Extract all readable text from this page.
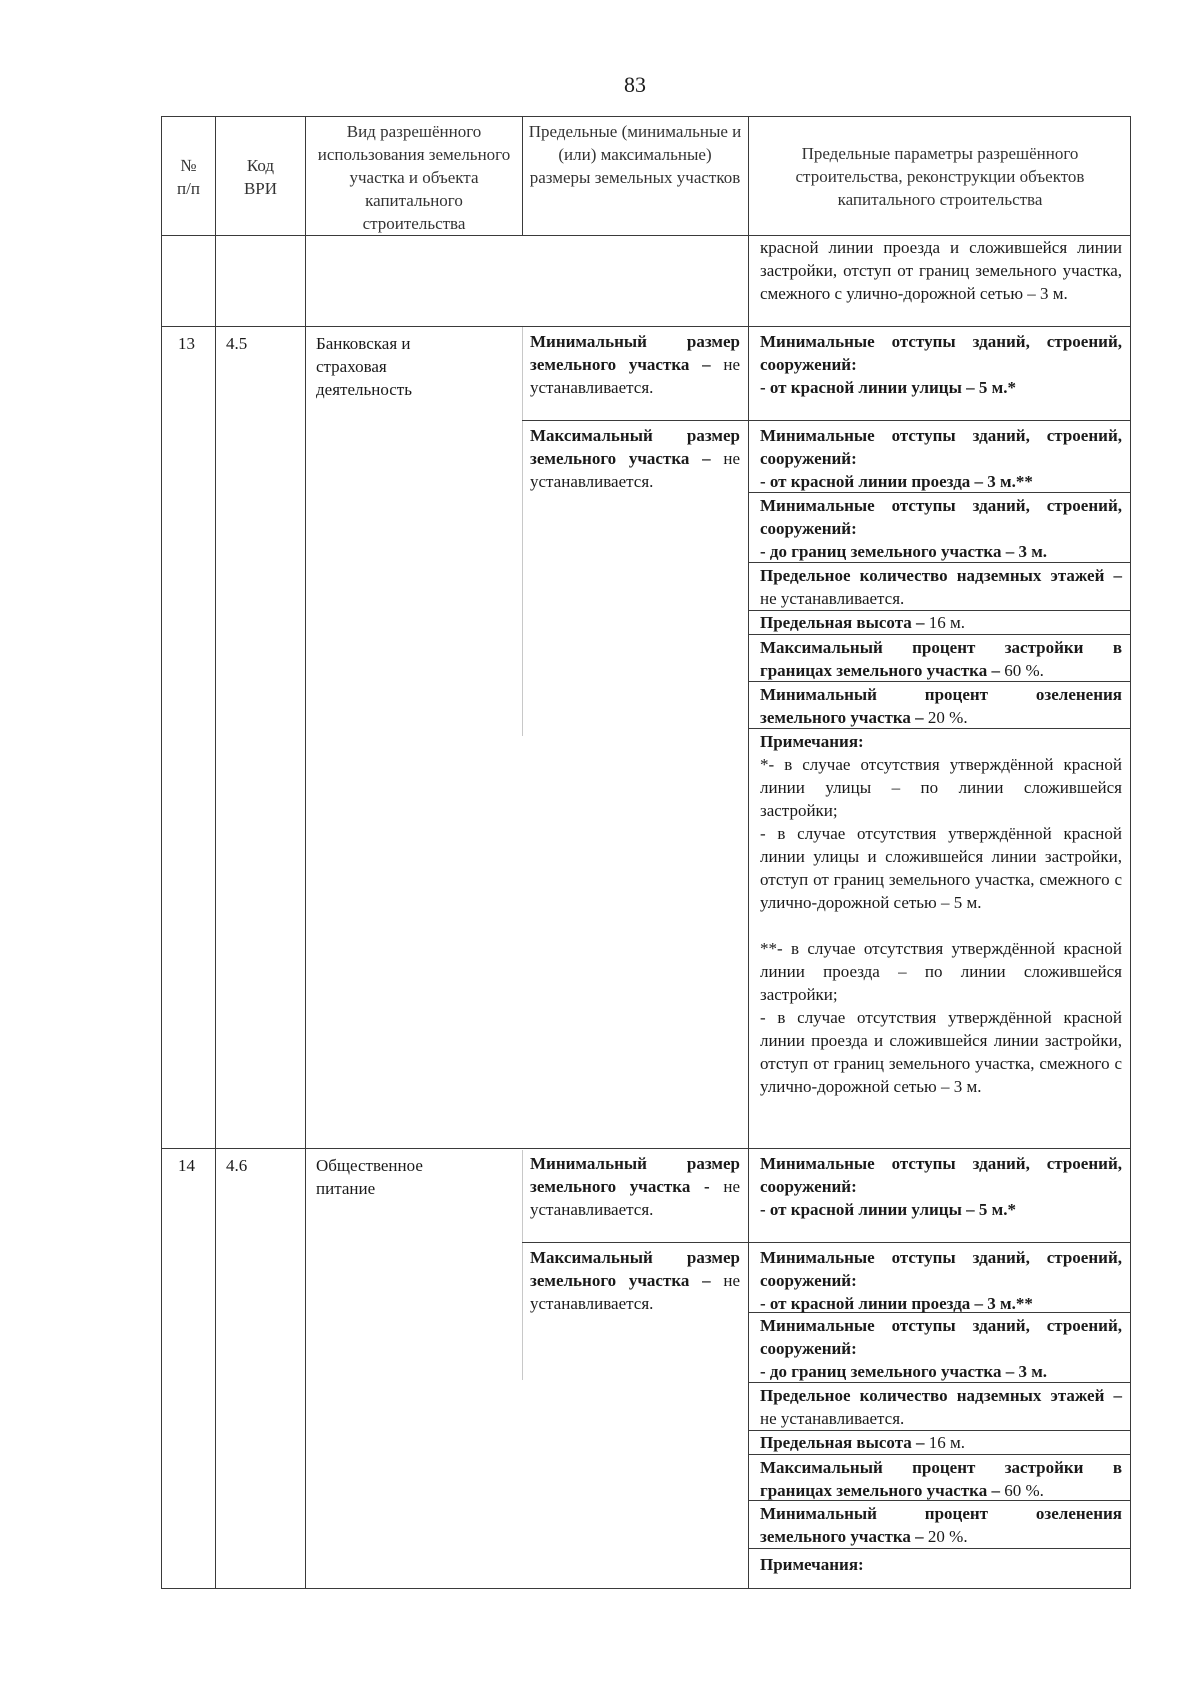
83
№
п/п
Код
ВРИ
Вид разрешённого использования земельного участка и объекта капитального строительства
Предельные (минимальные и (или) максимальные) размеры земельных участков
Предельные параметры разрешённого строительства, реконструкции объектов капитального строительства
красной линии проезда и сложившейся линии застройки, отступ от границ земельного участка, смежного с улично-дорожной сетью – 3 м.
13 4.5	Банковская и страховая деятельность
Минимальный размер земельного участка – не устанавливается.
Максимальный размер земельного участка – не устанавливается.
Минимальные отступы зданий, строений, сооружений:
- от красной линии улицы – 5 м.*
Минимальные отступы зданий, строений, сооружений:
- от красной линии проезда – 3 м.**
Минимальные отступы зданий, строений, сооружений:
- до границ земельного участка – 3 м.
Предельное количество надземных этажей – не устанавливается.
Предельная высота – 16 м.
Максимальный процент застройки в границах земельного участка – 60 %.
Минимальный процент озеленения земельного участка – 20 %.
Примечания:
*- в случае отсутствия утверждённой красной линии улицы – по линии сложившейся застройки;
- в случае отсутствия утверждённой красной линии улицы и сложившейся линии застройки, отступ от границ земельного участка, смежного с улично-дорожной сетью – 5 м.
**- в случае отсутствия утверждённой красной линии проезда – по линии сложившейся застройки;
- в случае отсутствия утверждённой красной линии проезда и сложившейся линии застройки, отступ от границ земельного участка, смежного с улично-дорожной сетью – 3 м.
14 4.6	Общественное питание
Минимальный размер земельного участка - не устанавливается.
Максимальный размер земельного участка – не устанавливается.
Минимальные отступы зданий, строений, сооружений:
- от красной линии улицы – 5 м.*
Минимальные отступы зданий, строений, сооружений:
- от красной линии проезда – 3 м.**
Минимальные отступы зданий, строений, сооружений:
- до границ земельного участка – 3 м.
Предельное количество надземных этажей – не устанавливается.
Предельная высота – 16 м.
Максимальный процент застройки в границах земельного участка – 60 %.
Минимальный процент озеленения земельного участка – 20 %.
Примечания:
